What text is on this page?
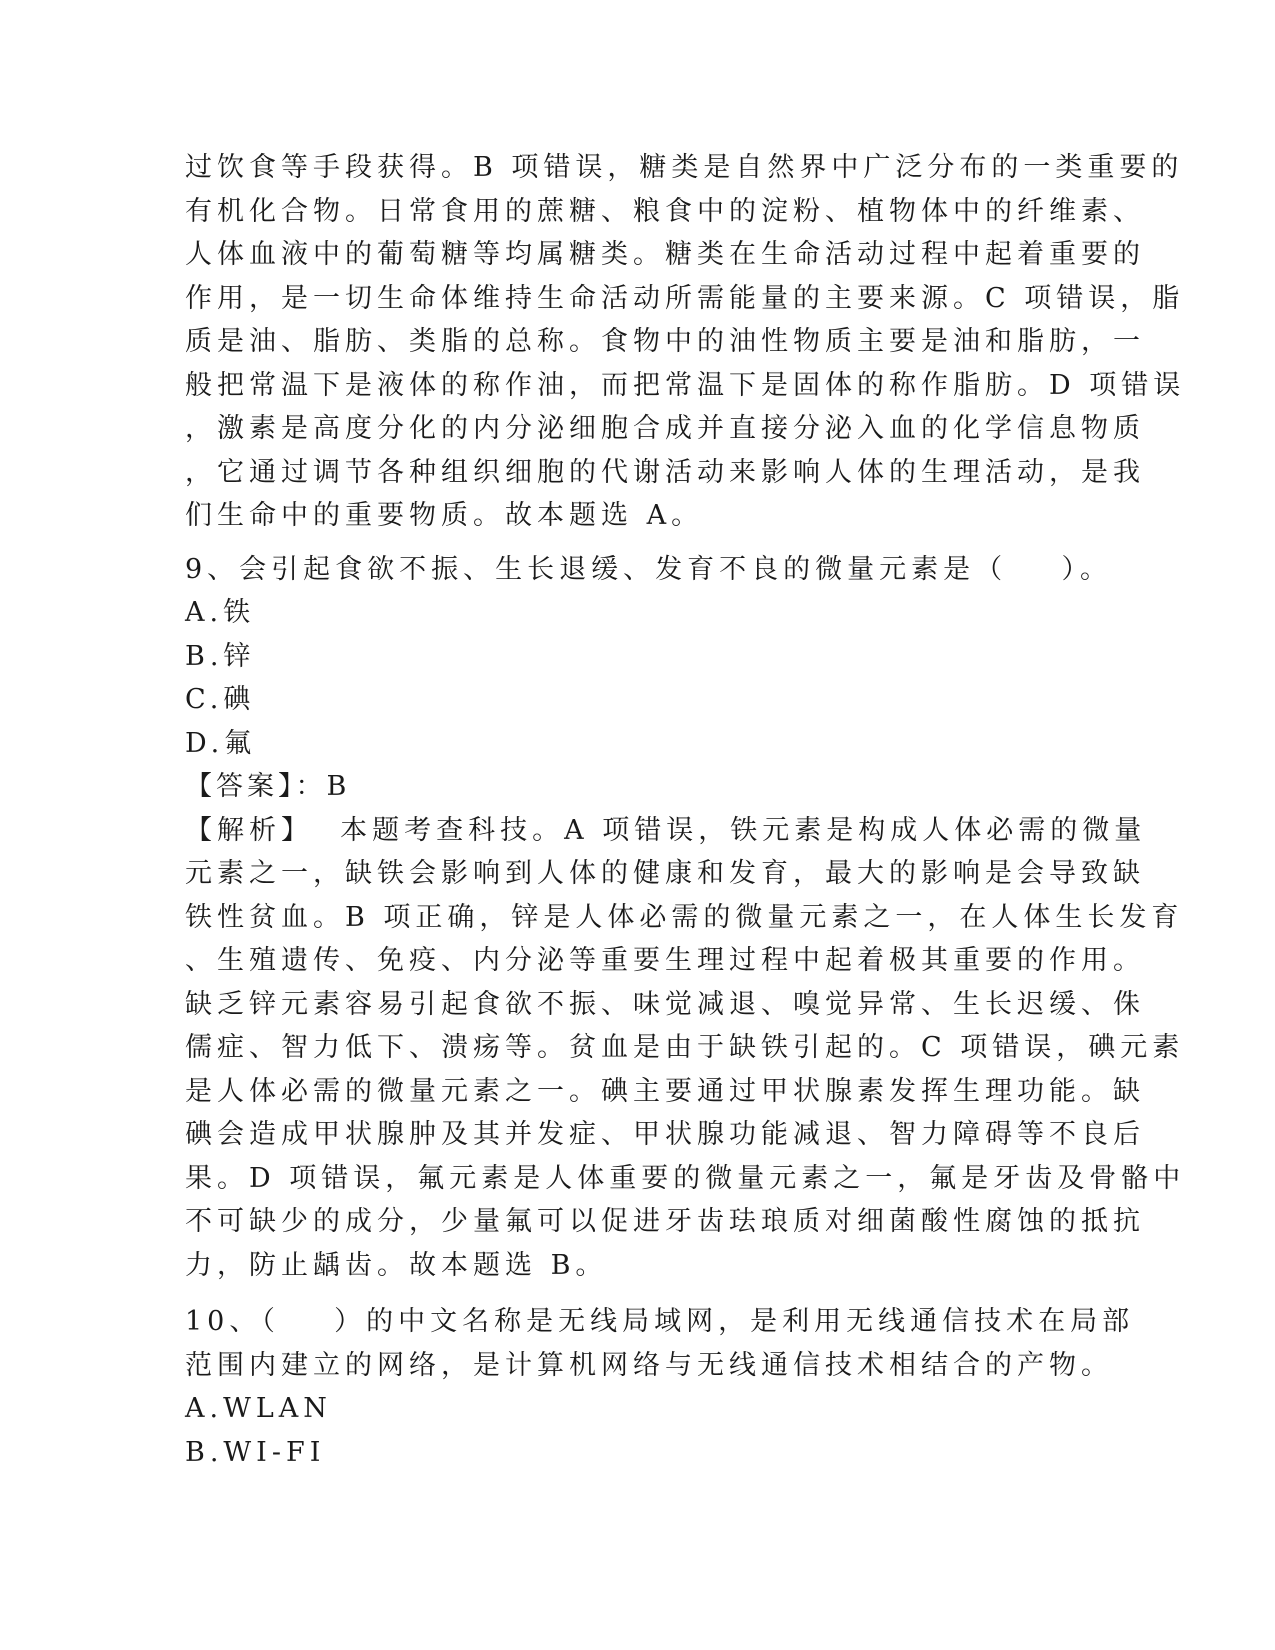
过饮食等手段获得。B 项错误，糖类是自然界中广泛分布的一类重要的
有机化合物。日常食用的蔗糖、粮食中的淀粉、植物体中的纤维素、
人体血液中的葡萄糖等均属糖类。糖类在生命活动过程中起着重要的
作用，是一切生命体维持生命活动所需能量的主要来源。C 项错误，脂
质是油、脂肪、类脂的总称。食物中的油性物质主要是油和脂肪，一
般把常温下是液体的称作油，而把常温下是固体的称作脂肪。D 项错误
，激素是高度分化的内分泌细胞合成并直接分泌入血的化学信息物质
，它通过调节各种组织细胞的代谢活动来影响人体的生理活动，是我
们生命中的重要物质。故本题选 A。
9、会引起食欲不振、生长退缓、发育不良的微量元素是（    ）。
A.铁
B.锌
C.碘
D.氟
【答案】：B
【解析】  本题考查科技。A 项错误，铁元素是构成人体必需的微量
元素之一，缺铁会影响到人体的健康和发育，最大的影响是会导致缺
铁性贫血。B 项正确，锌是人体必需的微量元素之一，在人体生长发育
、生殖遗传、免疫、内分泌等重要生理过程中起着极其重要的作用。
缺乏锌元素容易引起食欲不振、味觉减退、嗅觉异常、生长迟缓、侏
儒症、智力低下、溃疡等。贫血是由于缺铁引起的。C 项错误，碘元素
是人体必需的微量元素之一。碘主要通过甲状腺素发挥生理功能。缺
碘会造成甲状腺肿及其并发症、甲状腺功能减退、智力障碍等不良后
果。D 项错误，氟元素是人体重要的微量元素之一，氟是牙齿及骨骼中
不可缺少的成分，少量氟可以促进牙齿珐琅质对细菌酸性腐蚀的抵抗
力，防止龋齿。故本题选 B。
10、（    ）的中文名称是无线局域网，是利用无线通信技术在局部
范围内建立的网络，是计算机网络与无线通信技术相结合的产物。
A.WLAN
B.WI-FI
